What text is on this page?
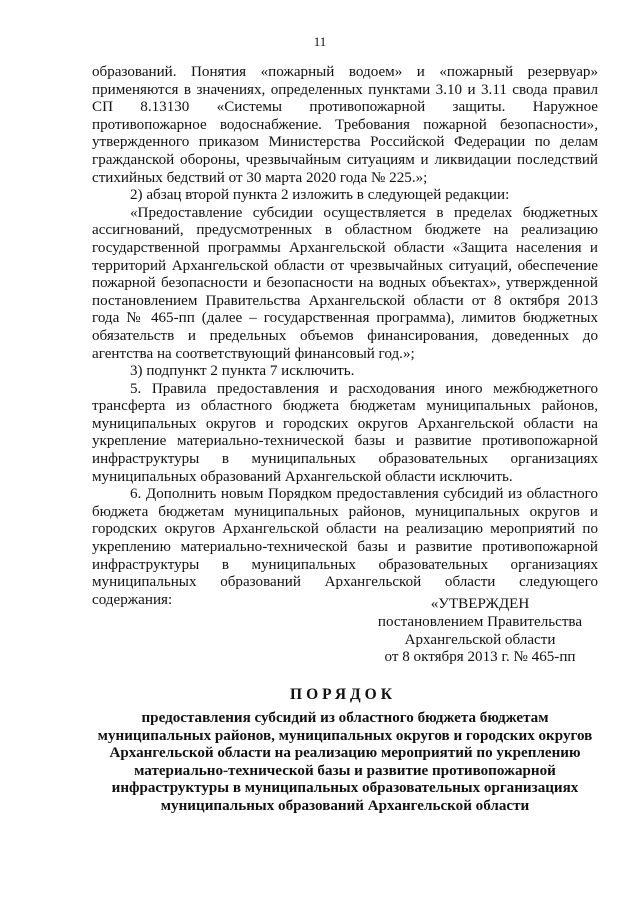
11

образований. Понятия «пожарный водоем» и «пожарный резервуар» применяются в значениях, определенных пунктами 3.10 и 3.11 свода правил СП 8.13130 «Системы противопожарной защиты. Наружное противопожарное водоснабжение. Требования пожарной безопасности», утвержденного приказом Министерства Российской Федерации по делам гражданской обороны, чрезвычайным ситуациям и ликвидации последствий стихийных бедствий от 30 марта 2020 года № 225.»;

2) абзац второй пункта 2 изложить в следующей редакции:

«Предоставление субсидии осуществляется в пределах бюджетных ассигнований, предусмотренных в областном бюджете на реализацию государственной программы Архангельской области «Защита населения и территорий Архангельской области от чрезвычайных ситуаций, обеспечение пожарной безопасности и безопасности на водных объектах», утвержденной постановлением Правительства Архангельской области от 8 октября 2013 года № 465-пп (далее – государственная программа), лимитов бюджетных обязательств и предельных объемов финансирования, доведенных до агентства на соответствующий финансовый год.»;

3) подпункт 2 пункта 7 исключить.

5. Правила предоставления и расходования иного межбюджетного трансферта из областного бюджета бюджетам муниципальных районов, муниципальных округов и городских округов Архангельской области на укрепление материально-технической базы и развитие противопожарной инфраструктуры в муниципальных образовательных организациях муниципальных образований Архангельской области исключить.

6. Дополнить новым Порядком предоставления субсидий из областного бюджета бюджетам муниципальных районов, муниципальных округов и городских округов Архангельской области на реализацию мероприятий по укреплению материально-технической базы и развитие противопожарной инфраструктуры в муниципальных образовательных организациях муниципальных образований Архангельской области следующего содержания:	«УТВЕРЖДЕН
постановлением Правительства
Архангельской области
от 8 октября 2013 г. № 465-пп
ПОРЯДОК
предоставления субсидий из областного бюджета бюджетам
муниципальных районов, муниципальных округов и городских округов
Архангельской области на реализацию мероприятий по укреплению
материально-технической базы и развитие противопожарной
инфраструктуры в муниципальных образовательных организациях
муниципальных образований Архангельской области
